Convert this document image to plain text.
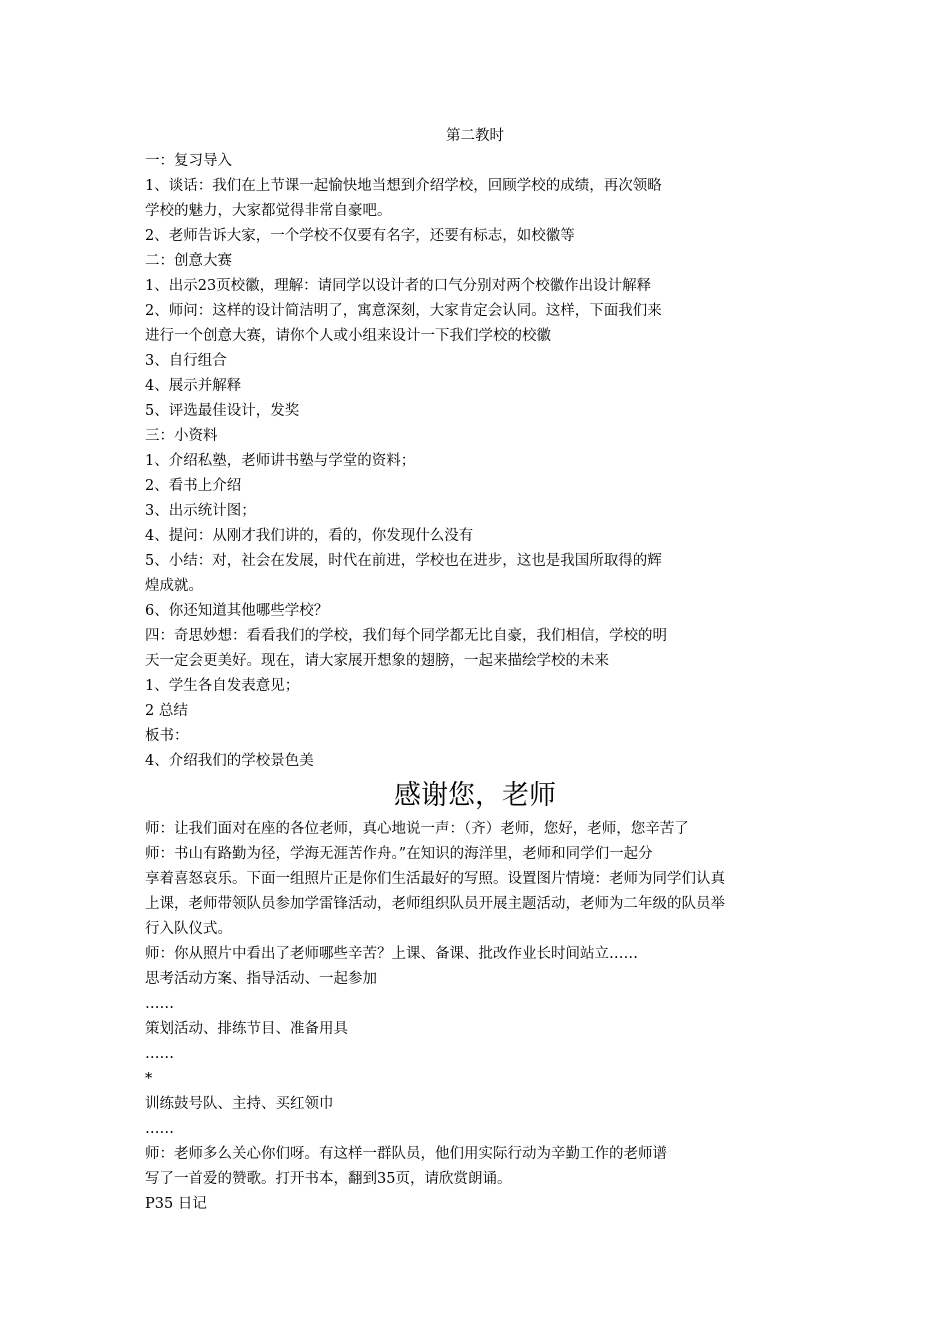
第二教时
一：复习导入
1、谈话：我们在上节课一起愉快地当想到介绍学校，回顾学校的成绩，再次领略
学校的魅力，大家都觉得非常自豪吧。
2、老师告诉大家，一个学校不仅要有名字，还要有标志，如校徽等
二：创意大赛
1、出示23页校徽，理解：请同学以设计者的口气分别对两个校徽作出设计解释
2、师问：这样的设计简洁明了，寓意深刻，大家肯定会认同。这样，下面我们来
进行一个创意大赛，请你个人或小组来设计一下我们学校的校徽
3、自行组合
4、展示并解释
5、评选最佳设计，发奖
三：小资料
1、介绍私塾，老师讲书塾与学堂的资料；
2、看书上介绍
3、出示统计图；
4、提问：从刚才我们讲的，看的，你发现什么没有
5、小结：对，社会在发展，时代在前进，学校也在进步，这也是我国所取得的辉
煌成就。
6、你还知道其他哪些学校？
四：奇思妙想：看看我们的学校，我们每个同学都无比自豪，我们相信，学校的明
天一定会更美好。现在，请大家展开想象的翅膀，一起来描绘学校的未来
1、学生各自发表意见；
2 总结
板书：
4、介绍我们的学校景色美
感谢您，老师
师：让我们面对在座的各位老师，真心地说一声：（齐）老师，您好，老师，您辛苦了
师：书山有路勤为径，学海无涯苦作舟。”在知识的海洋里，老师和同学们一起分
享着喜怒哀乐。下面一组照片正是你们生活最好的写照。设置图片情境：老师为同学们认真
上课，老师带领队员参加学雷锋活动，老师组织队员开展主题活动，老师为二年级的队员举
行入队仪式。
师：你从照片中看出了老师哪些辛苦？上课、备课、批改作业长时间站立……
思考活动方案、指导活动、一起参加
……
策划活动、排练节目、准备用具
……
*
训练鼓号队、主持、买红领巾
……
师：老师多么关心你们呀。有这样一群队员，他们用实际行动为辛勤工作的老师谱
写了一首爱的赞歌。打开书本，翻到35页，请欣赏朗诵。
P35 日记
